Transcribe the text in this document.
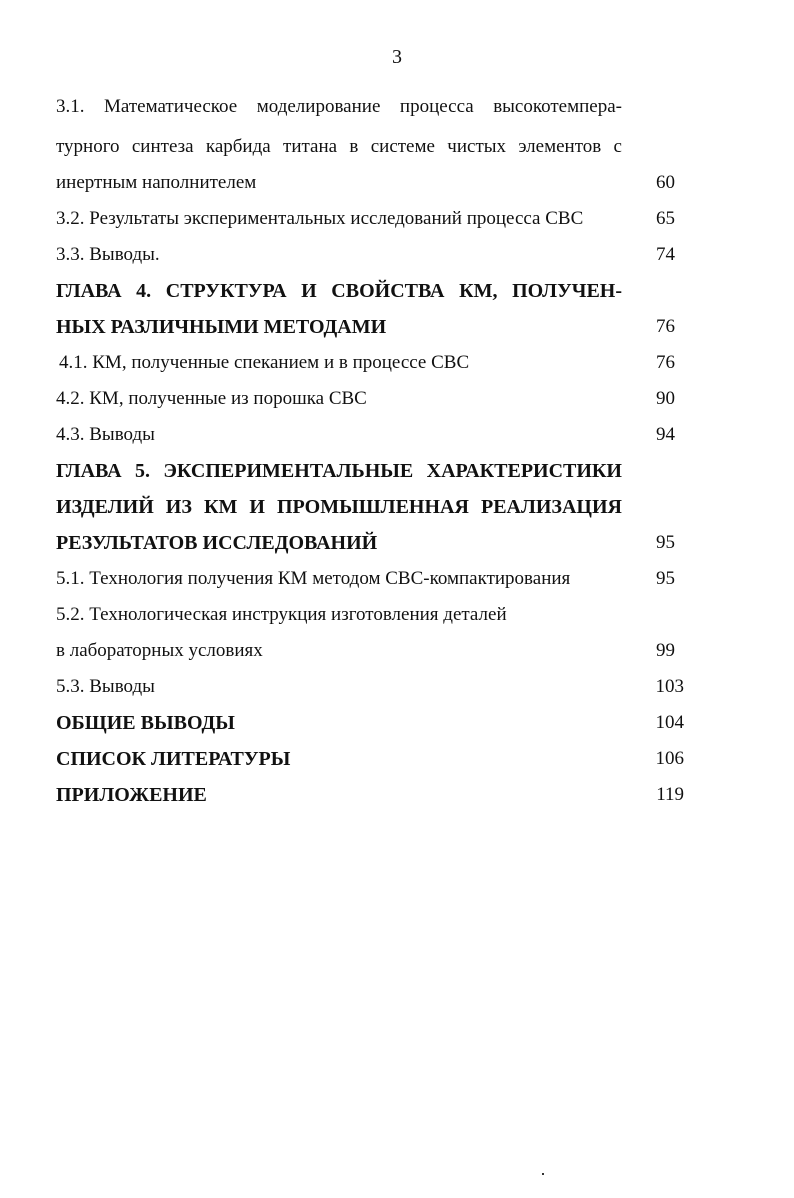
3
3.1. Математическое моделирование процесса высокотемпера-
турного синтеза карбида титана в системе чистых элементов с
инертным наполнителем	60
3.2. Результаты экспериментальных исследований процесса СВС	65
3.3. Выводы.	74
ГЛАВА 4. СТРУКТУРА И СВОЙСТВА КМ, ПОЛУЧЕН-
НЫХ РАЗЛИЧНЫМИ МЕТОДАМИ	76
4.1. КМ, полученные спеканием и в процессе СВС	76
4.2. КМ, полученные из порошка СВС	90
4.3. Выводы	94
ГЛАВА 5. ЭКСПЕРИМЕНТАЛЬНЫЕ ХАРАКТЕРИСТИКИ
ИЗДЕЛИЙ ИЗ КМ И ПРОМЫШЛЕННАЯ РЕАЛИЗАЦИЯ
РЕЗУЛЬТАТОВ ИССЛЕДОВАНИЙ	95
5.1. Технология получения КМ методом СВС-компактирования	95
5.2. Технологическая инструкция изготовления деталей
в лабораторных условиях	99
5.3. Выводы	103
ОБЩИЕ ВЫВОДЫ	104
СПИСОК ЛИТЕРАТУРЫ	106
ПРИЛОЖЕНИЕ	119
